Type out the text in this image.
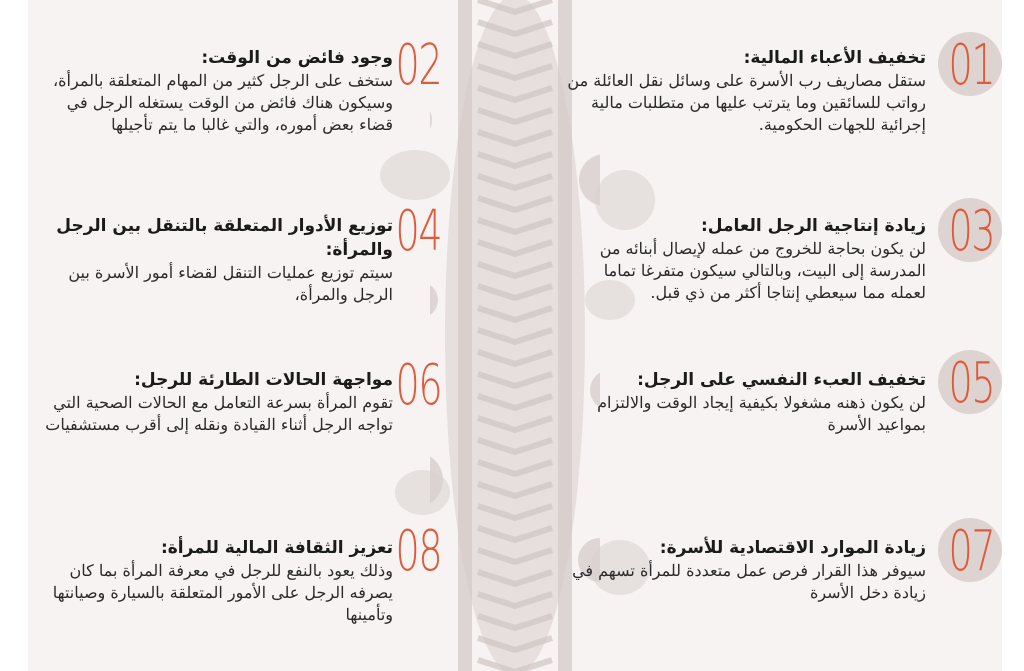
01

تخفيف الأعباء المالية:

ستقل مصاريف رب الأسرة على وسائل نقل العائلة من رواتب للسائقين وما يترتب عليها من متطلبات مالية إجرائية للجهات الحكومية.

02

وجود فائض من الوقت:

ستخف على الرجل كثير من المهام المتعلقة بالمرأة، وسيكون هناك فائض من الوقت يستغله الرجل في قضاء بعض أموره، والتي غالبا ما يتم تأجيلها

03

زيادة إنتاجية الرجل العامل:

لن يكون بحاجة للخروج من عمله لإيصال أبنائه من المدرسة إلى البيت، وبالتالي سيكون متفرغا تماما لعمله مما سيعطي إنتاجا أكثر من ذي قبل.

04

توزيع الأدوار المتعلقة بالتنقل بين الرجل والمرأة:

سيتم توزيع عمليات التنقل لقضاء أمور الأسرة بين الرجل والمرأة،

05

تخفيف العبء النفسي على الرجل:

لن يكون ذهنه مشغولا بكيفية إيجاد الوقت والالتزام بمواعيد الأسرة

06

مواجهة الحالات الطارئة للرجل:

تقوم المرأة بسرعة التعامل مع الحالات الصحية التي تواجه الرجل أثناء القيادة ونقله إلى أقرب مستشفيات

07

زيادة الموارد الاقتصادية للأسرة:

سيوفر هذا القرار فرص عمل متعددة للمرأة تسهم في زيادة دخل الأسرة

08

تعزيز الثقافة المالية للمرأة:

وذلك يعود بالنفع للرجل في معرفة المرأة بما كان يصرفه الرجل على الأمور المتعلقة بالسيارة وصيانتها وتأمينها
